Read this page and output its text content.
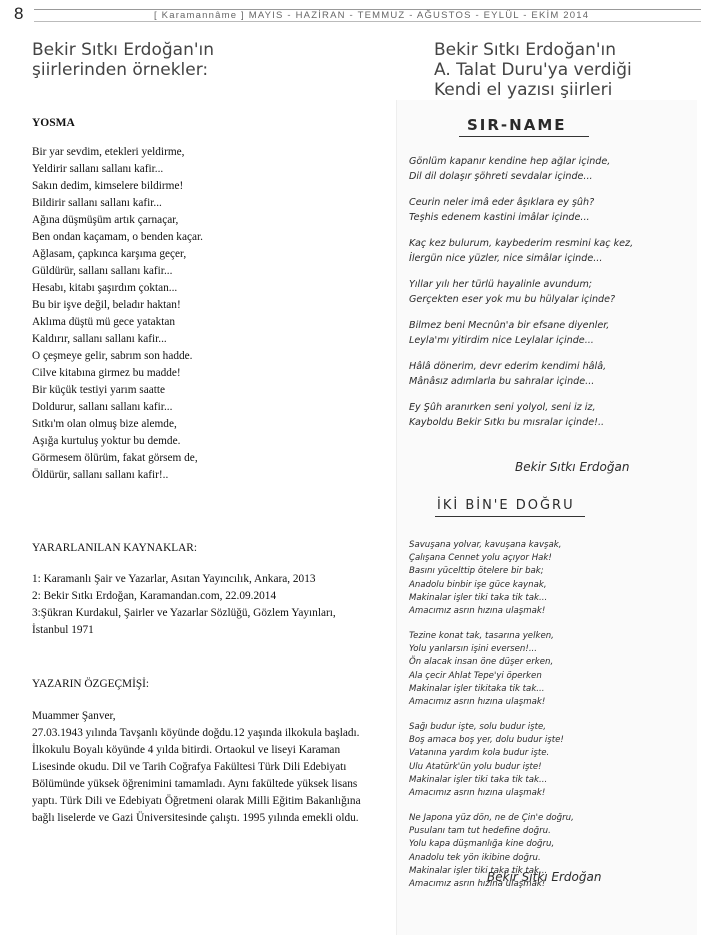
8	[ Karamannâme ] MAYIS - HAZİRAN - TEMMUZ - AĞUSTOS - EYLÜL - EKİM 2014
Bekir Sıtkı Erdoğan'ın
şiirlerinden örnekler:
Bekir Sıtkı Erdoğan'ın
A. Talat Duru'ya verdiği
Kendi el yazısı şiirleri
YOSMA
Bir yar sevdim, etekleri yeldirme,
Yeldirir sallanı sallanı kafir...
Sakın dedim, kimselere bildirme!
Bildirir sallanı sallanı kafir...
Ağına düşmüşüm artık çarnaçar,
Ben ondan kaçamam, o benden kaçar.
Ağlasam, çapkınca karşıma geçer,
Güldürür, sallanı sallanı kafir...
Hesabı, kitabı şaşırdım çoktan...
Bu bir işve değil, beladır haktan!
Aklıma düştü mü gece yataktan
Kaldırır, sallanı sallanı kafir...
O çeşmeye gelir, sabrım son hadde.
Cilve kitabına girmez bu madde!
Bir küçük testiyi yarım saatte
Doldurur, sallanı sallanı kafir...
Sıtkı'm olan olmuş bize alemde,
Aşığa kurtuluş yoktur bu demde.
Görmesem ölürüm, fakat görsem de,
Öldürür, sallanı sallanı kafir!..
YARARLANILAN KAYNAKLAR:

1: Karamanlı Şair ve Yazarlar, Asıtan Yayıncılık, Ankara, 2013

2: Bekir Sıtkı Erdoğan, Karamandan.com, 22.09.2014

3:Şükran Kurdakul, Şairler ve Yazarlar Sözlüğü, Gözlem Yayınları, İstanbul 1971

YAZARIN ÖZGEÇMİŞİ:

Muammer Şanver,

27.03.1943 yılında Tavşanlı köyünde doğdu.12 yaşında ilkokula başladı. İlkokulu Boyalı köyünde 4 yılda bitirdi. Ortaokul ve liseyi Karaman Lisesinde okudu. Dil ve Tarih Coğrafya Fakültesi Türk Dili Edebiyatı Bölümünde yüksek öğrenimini tamamladı. Aynı fakültede yüksek lisans yaptı. Türk Dili ve Edebiyatı Öğretmeni olarak Milli Eğitim Bakanlığına bağlı liselerde ve Gazi Üniversitesinde çalıştı. 1995 yılında emekli oldu.

SIR-NAME
İKİ BİN'E DOĞRU
Gönlüm kapanır kendine hep ağlar içinde,
Dil dil dolaşır şöhreti sevdalar içinde...
Ceurin neler imâ eder âşıklara ey şûh?
Teşhis edenem kastini imâlar içinde...
Kaç kez bulurum, kaybederim resmini kaç kez,
İlergün nice yüzler, nice simâlar içinde...
Yıllar yılı her türlü hayalinle avundum;
Gerçekten eser yok mu bu hülyalar içinde?
Bilmez beni Mecnûn'a bir efsane diyenler,
Leyla'mı yitirdim nice Leylalar içinde...
Hâlâ dönerim, devr ederim kendimi hâlâ,
Mânâsız adımlarla bu sahralar içinde...
Ey Şûh aranırken seni yolyol, seni iz iz,
Kayboldu Bekir Sıtkı bu mısralar içinde!..
Bekir Sıtkı Erdoğan
Savuşana yolvar, kavuşana kavşak,
Çalışana Cennet yolu açıyor Hak!
Basını yücelttip ötelere bir bak;
Anadolu binbir işe güce kaynak,
Makinalar işler tiki taka tik tak...
Amacımız asrın hızına ulaşmak!
Tezine konat tak, tasarına yelken,
Yolu yanlarsın işini eversen!...
Ön alacak insan öne düşer erken,
Ala çecir Ahlat Tepe'yi öperken
Makinalar işler tikitaka tik tak...
Amacımız asrın hızına ulaşmak!
Sağı budur işte, solu budur işte,
Boş amaca boş yer, dolu budur işte!
Vatanına yardım kola budur işte.
Ulu Atatürk'ün yolu budur işte!
Makinalar işler tiki taka tik tak...
Amacımız asrın hızına ulaşmak!
Ne Japona yüz dön, ne de Çin'e doğru,
Pusulanı tam tut hedefine doğru.
Yolu kapa düşmanlığa kine doğru,
Anadolu tek yön ikibine doğru.
Makinalar işler tiki taka tik tak...
Amacımız asrın hızına ulaşmak!
Bekir Sıtkı Erdoğan
